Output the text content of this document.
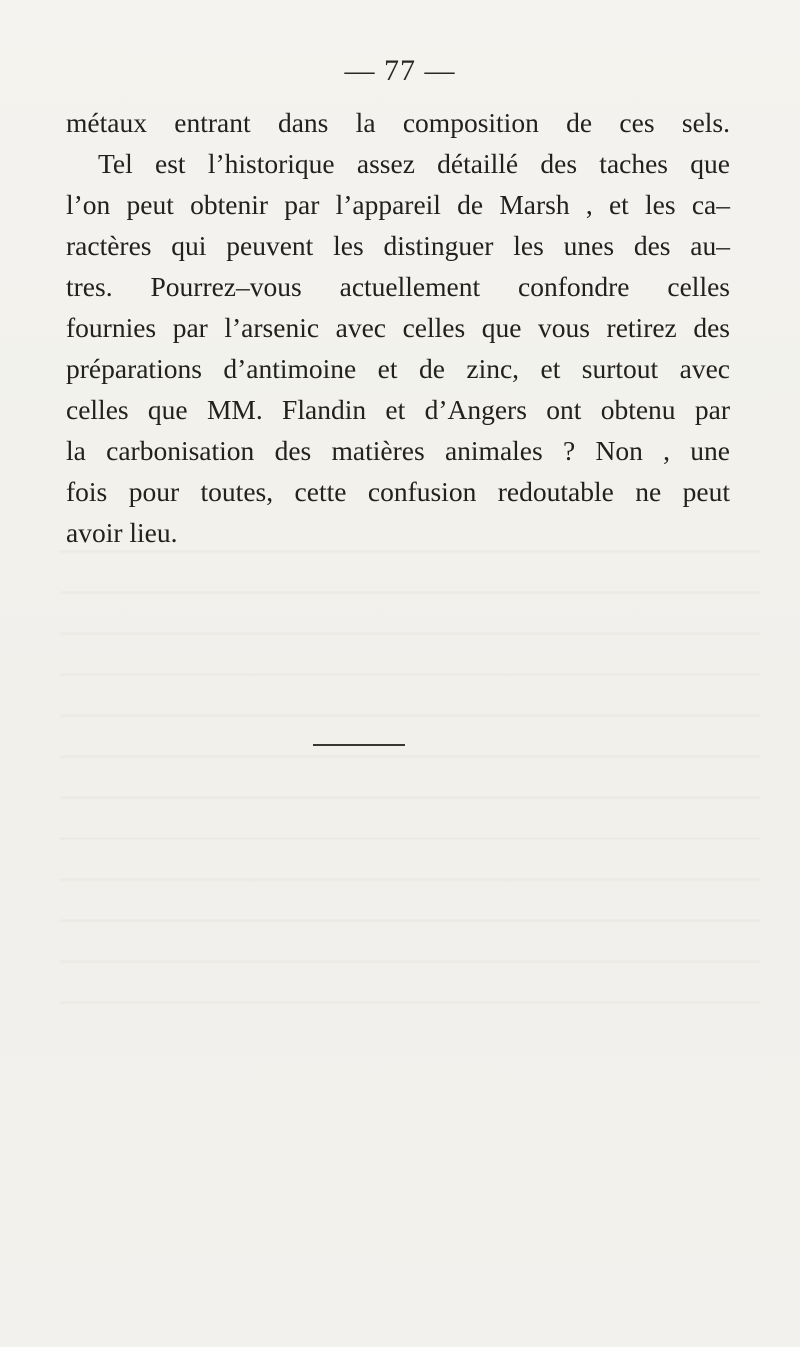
— 77 —
métaux entrant dans la composition de ces sels.
Tel est l’historique assez détaillé des taches que
l’on peut obtenir par l’appareil de Marsh , et les ca–
ractères qui peuvent les distinguer les unes des au–
tres. Pourrez–vous actuellement confondre celles
fournies par l’arsenic avec celles que vous retirez des
préparations d’antimoine et de zinc, et surtout avec
celles que MM. Flandin et d’Angers ont obtenu par
la carbonisation des matières animales ? Non , une
fois pour toutes, cette confusion redoutable ne peut
avoir lieu.
